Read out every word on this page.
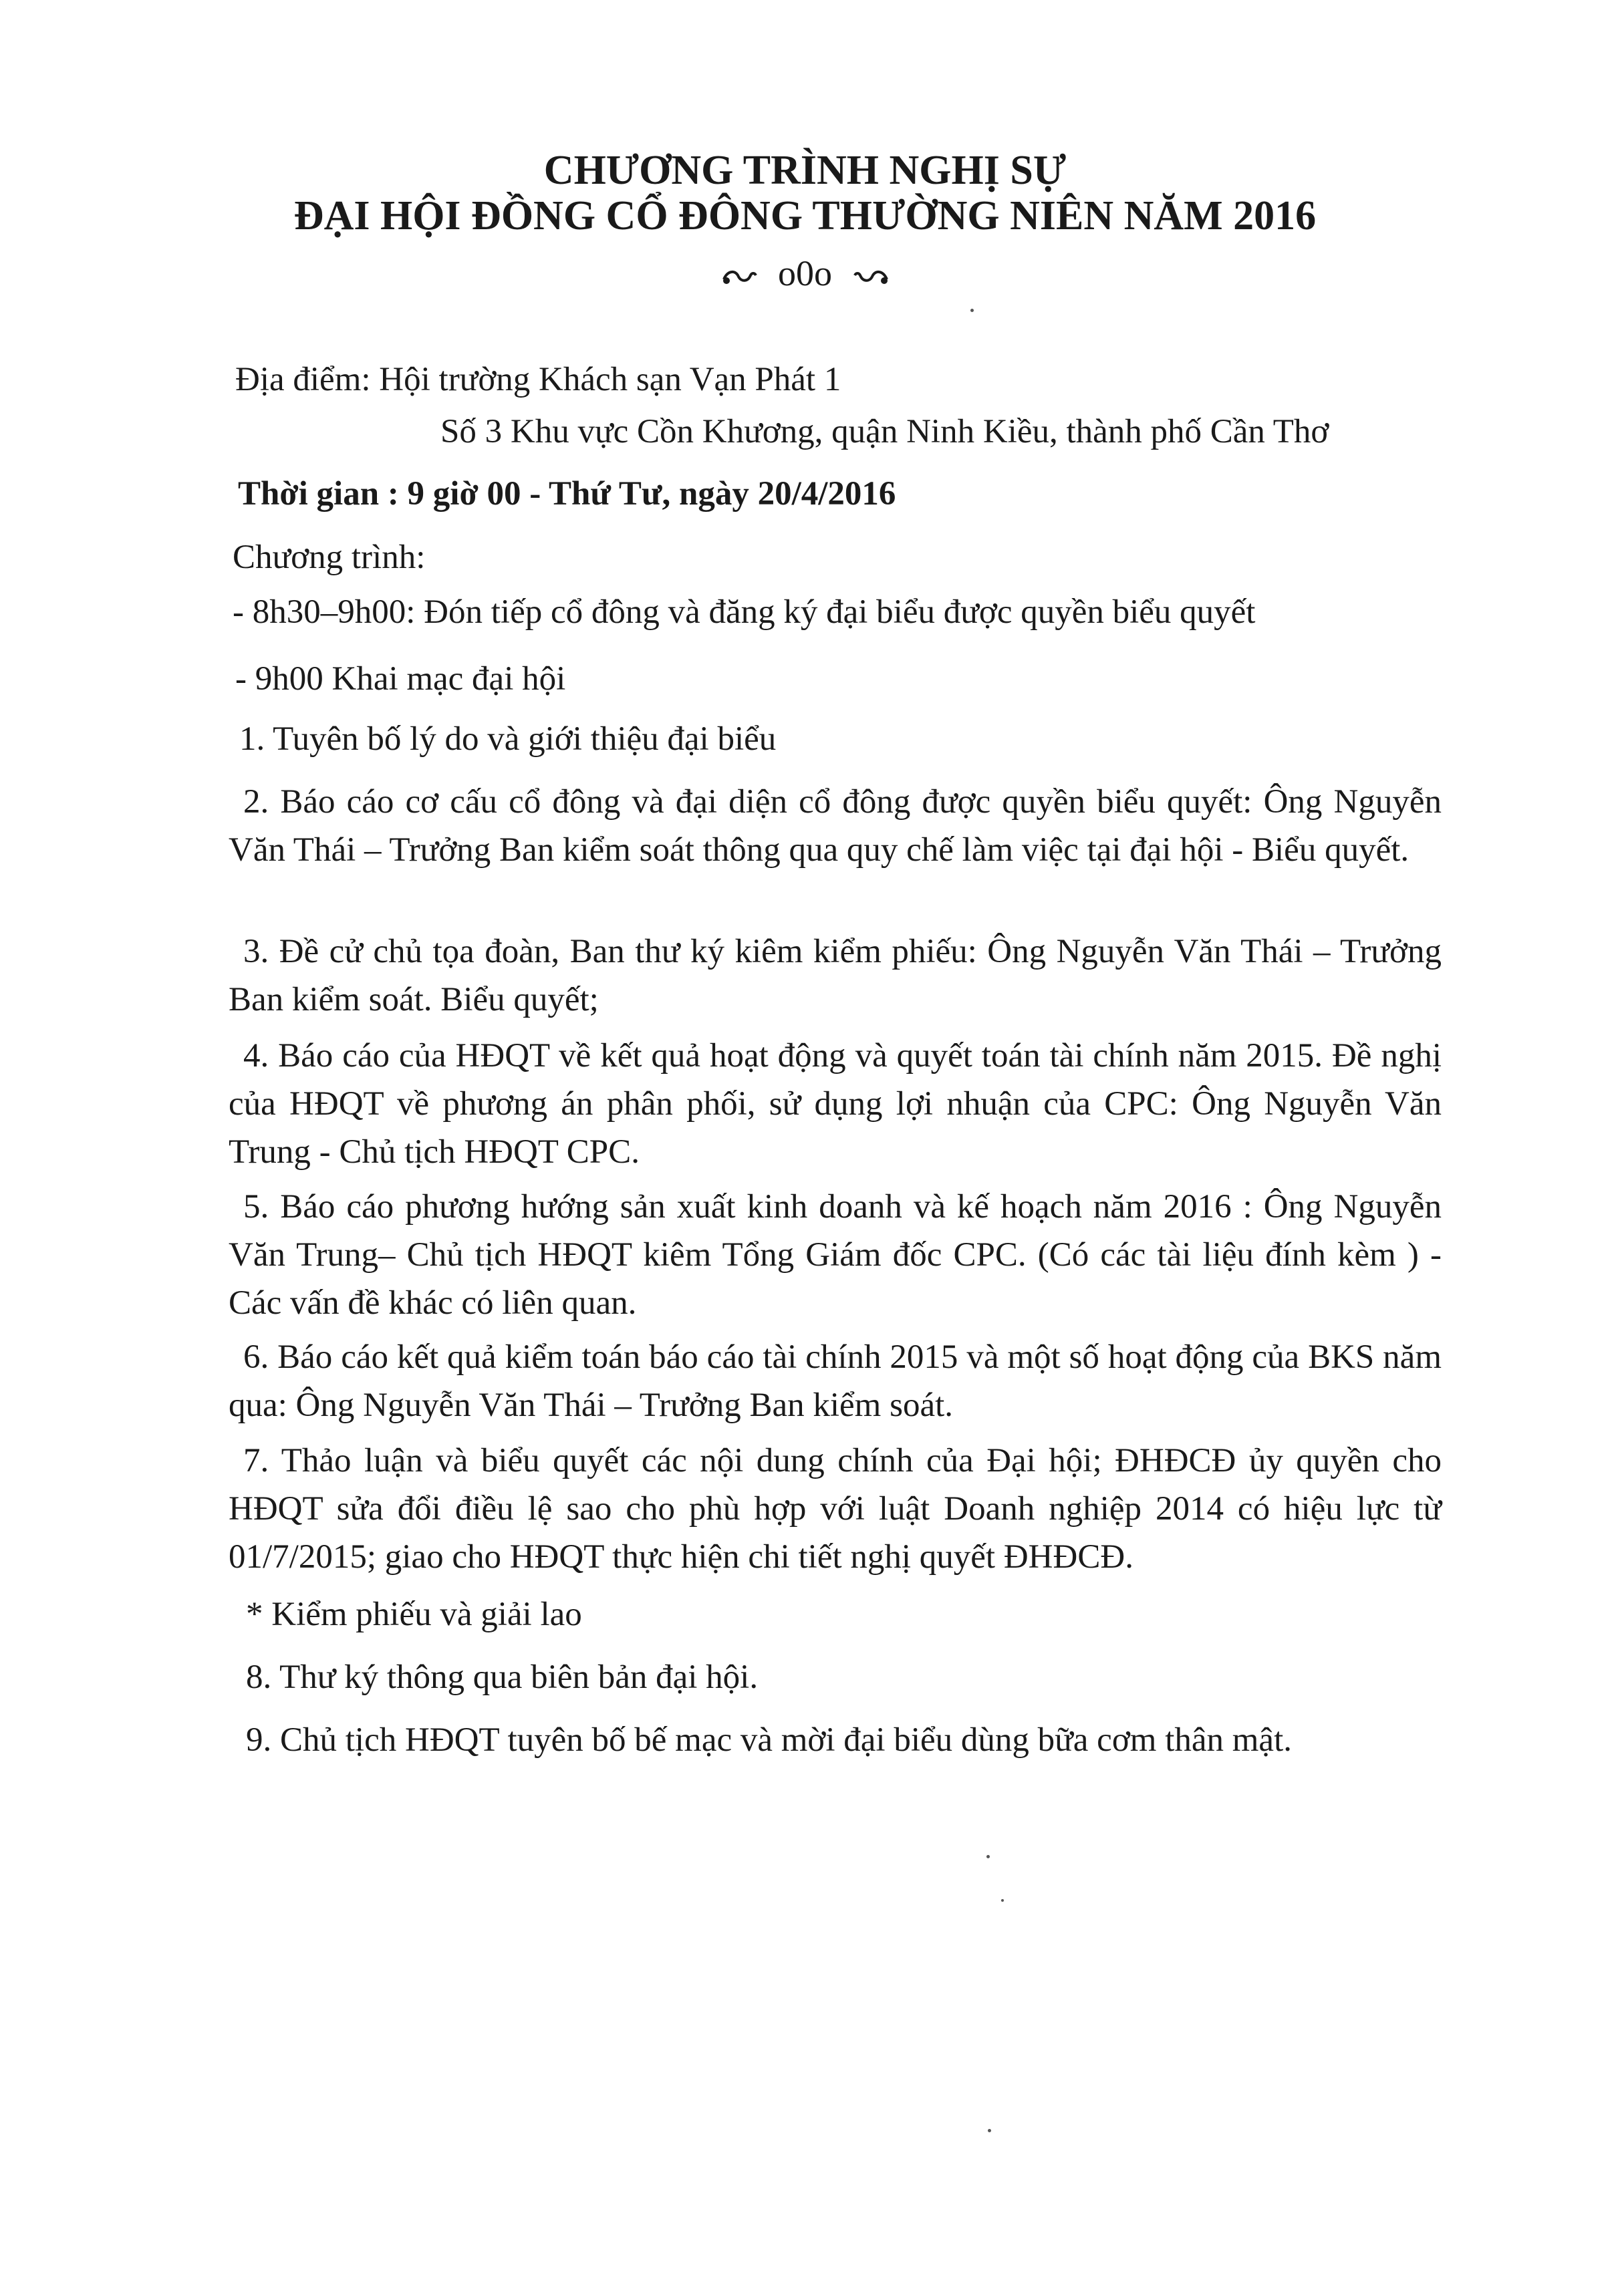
CHƯƠNG TRÌNH NGHỊ SỰ
ĐẠI HỘI ĐỒNG CỔ ĐÔNG THƯỜNG NIÊN NĂM 2016
o0o
Địa điểm: Hội trường Khách sạn Vạn Phát 1
Số 3 Khu vực Cồn Khương, quận Ninh Kiều, thành phố Cần Thơ
Thời gian : 9 giờ 00 - Thứ Tư, ngày 20/4/2016
Chương trình:
- 8h30–9h00: Đón tiếp cổ đông và đăng ký đại biểu được quyền biểu quyết
- 9h00 Khai mạc đại hội
1. Tuyên bố lý do và giới thiệu đại biểu
2. Báo cáo cơ cấu cổ đông và đại diện cổ đông được quyền biểu quyết: Ông Nguyễn Văn Thái – Trưởng Ban kiểm soát thông qua quy chế làm việc tại đại hội - Biểu quyết.
3. Đề cử chủ tọa đoàn, Ban thư ký kiêm kiểm phiếu: Ông Nguyễn Văn Thái – Trưởng Ban kiểm soát. Biểu quyết;
4. Báo cáo của HĐQT về kết quả hoạt động và quyết toán tài chính năm 2015. Đề nghị của HĐQT về phương án phân phối, sử dụng lợi nhuận của CPC: Ông Nguyễn Văn Trung - Chủ tịch HĐQT CPC.
5. Báo cáo phương hướng sản xuất kinh doanh và kế hoạch năm 2016 : Ông Nguyễn Văn Trung– Chủ tịch HĐQT kiêm Tổng Giám đốc CPC. (Có các tài liệu đính kèm ) - Các vấn đề khác có liên quan.
6. Báo cáo kết quả kiểm toán báo cáo tài chính 2015 và một số hoạt động của BKS năm qua: Ông Nguyễn Văn Thái – Trưởng Ban kiểm soát.
7. Thảo luận và biểu quyết các nội dung chính của Đại hội; ĐHĐCĐ ủy quyền cho HĐQT sửa đổi điều lệ sao cho phù hợp với luật Doanh nghiệp 2014 có hiệu lực từ 01/7/2015; giao cho HĐQT thực hiện chi tiết nghị quyết ĐHĐCĐ.
* Kiểm phiếu và giải lao
8. Thư ký thông qua biên bản đại hội.
9. Chủ tịch HĐQT tuyên bố bế mạc và mời đại biểu dùng bữa cơm thân mật.
